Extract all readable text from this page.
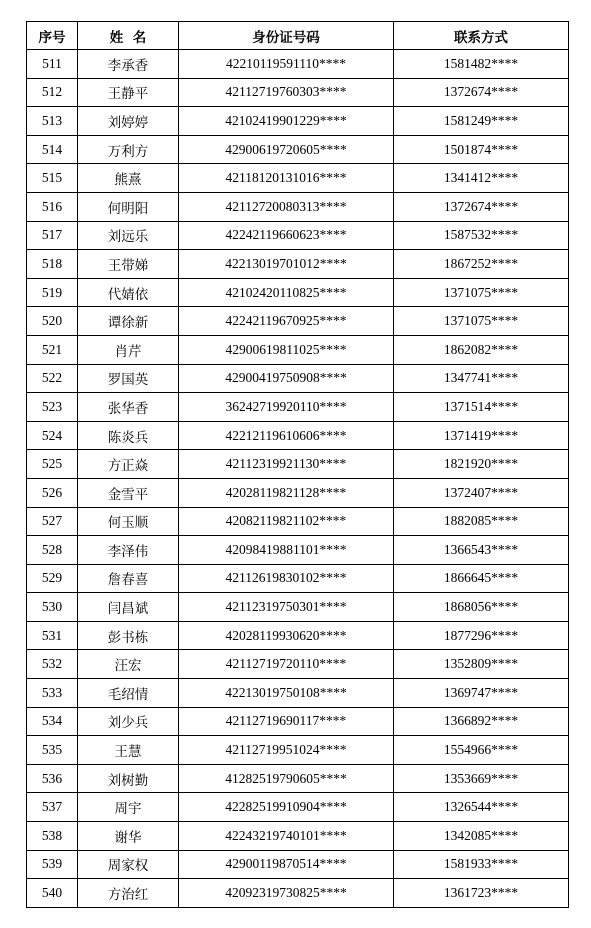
序号	姓  名	身份证号码	联系方式
511	李承香	42210119591110****	1581482****
512	王静平	42112719760303****	1372674****
513	刘婷婷	42102419901229****	1581249****
514	万利方	42900619720605****	1501874****
515	熊熹	42118120131016****	1341412****
516	何明阳	42112720080313****	1372674****
517	刘远乐	42242119660623****	1587532****
518	王带娣	42213019701012****	1867252****
519	代婧依	42102420110825****	1371075****
520	谭徐新	42242119670925****	1371075****
521	肖芹	42900619811025****	1862082****
522	罗国英	42900419750908****	1347741****
523	张华香	36242719920110****	1371514****
524	陈炎兵	42212119610606****	1371419****
525	方正焱	42112319921130****	1821920****
526	金雪平	42028119821128****	1372407****
527	何玉顺	42082119821102****	1882085****
528	李泽伟	42098419881101****	1366543****
529	詹春喜	42112619830102****	1866645****
530	闫昌斌	42112319750301****	1868056****
531	彭书栋	42028119930620****	1877296****
532	汪宏	42112719720110****	1352809****
533	毛绍情	42213019750108****	1369747****
534	刘少兵	42112719690117****	1366892****
535	王慧	42112719951024****	1554966****
536	刘树勤	41282519790605****	1353669****
537	周宇	42282519910904****	1326544****
538	谢华	42243219740101****	1342085****
539	周家权	42900119870514****	1581933****
540	方治红	42092319730825****	1361723****
